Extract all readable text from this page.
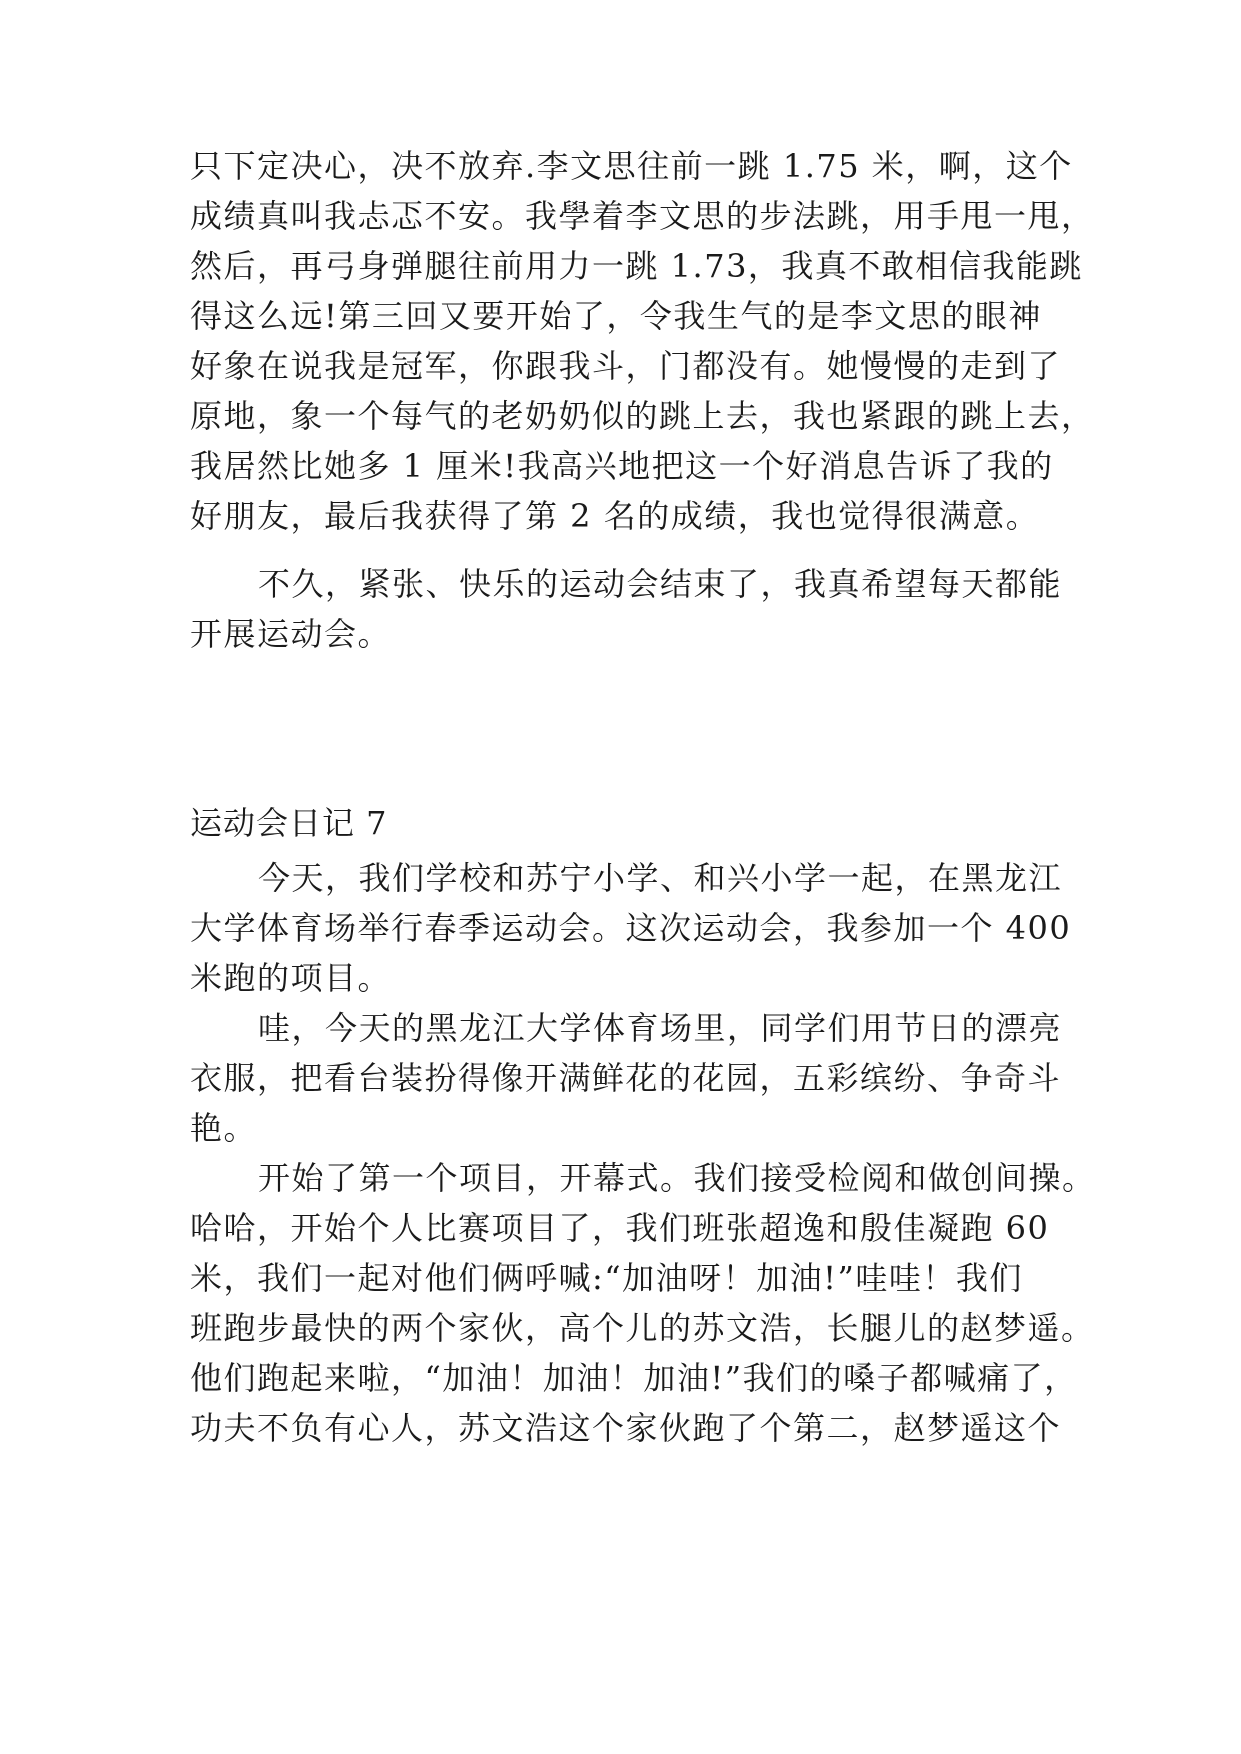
只下定决心，决不放弃.李文思往前一跳 1.75 米，啊，这个
成绩真叫我忐忑不安。我學着李文思的步法跳，用手甩一甩，
然后，再弓身弹腿往前用力一跳 1.73，我真不敢相信我能跳
得这么远!第三回又要开始了，令我生气的是李文思的眼神
好象在说我是冠军，你跟我斗，门都没有。她慢慢的走到了
原地，象一个每气的老奶奶似的跳上去，我也紧跟的跳上去，
我居然比她多 1 厘米!我高兴地把这一个好消息告诉了我的
好朋友，最后我获得了第 2 名的成绩，我也觉得很满意。
不久，紧张、快乐的运动会结束了，我真希望每天都能
开展运动会。
运动会日记 7
今天，我们学校和苏宁小学、和兴小学一起，在黑龙江
大学体育场举行春季运动会。这次运动会，我参加一个 400
米跑的项目。
哇，今天的黑龙江大学体育场里，同学们用节日的漂亮
衣服，把看台装扮得像开满鲜花的花园，五彩缤纷、争奇斗
艳。
开始了第一个项目，开幕式。我们接受检阅和做创间操。
哈哈，开始个人比赛项目了，我们班张超逸和殷佳凝跑 60
米，我们一起对他们俩呼喊:“加油呀！加油!”哇哇！我们
班跑步最快的两个家伙，高个儿的苏文浩，长腿儿的赵梦遥。
他们跑起来啦，“加油！加油！加油!”我们的嗓子都喊痛了，
功夫不负有心人，苏文浩这个家伙跑了个第二，赵梦遥这个
